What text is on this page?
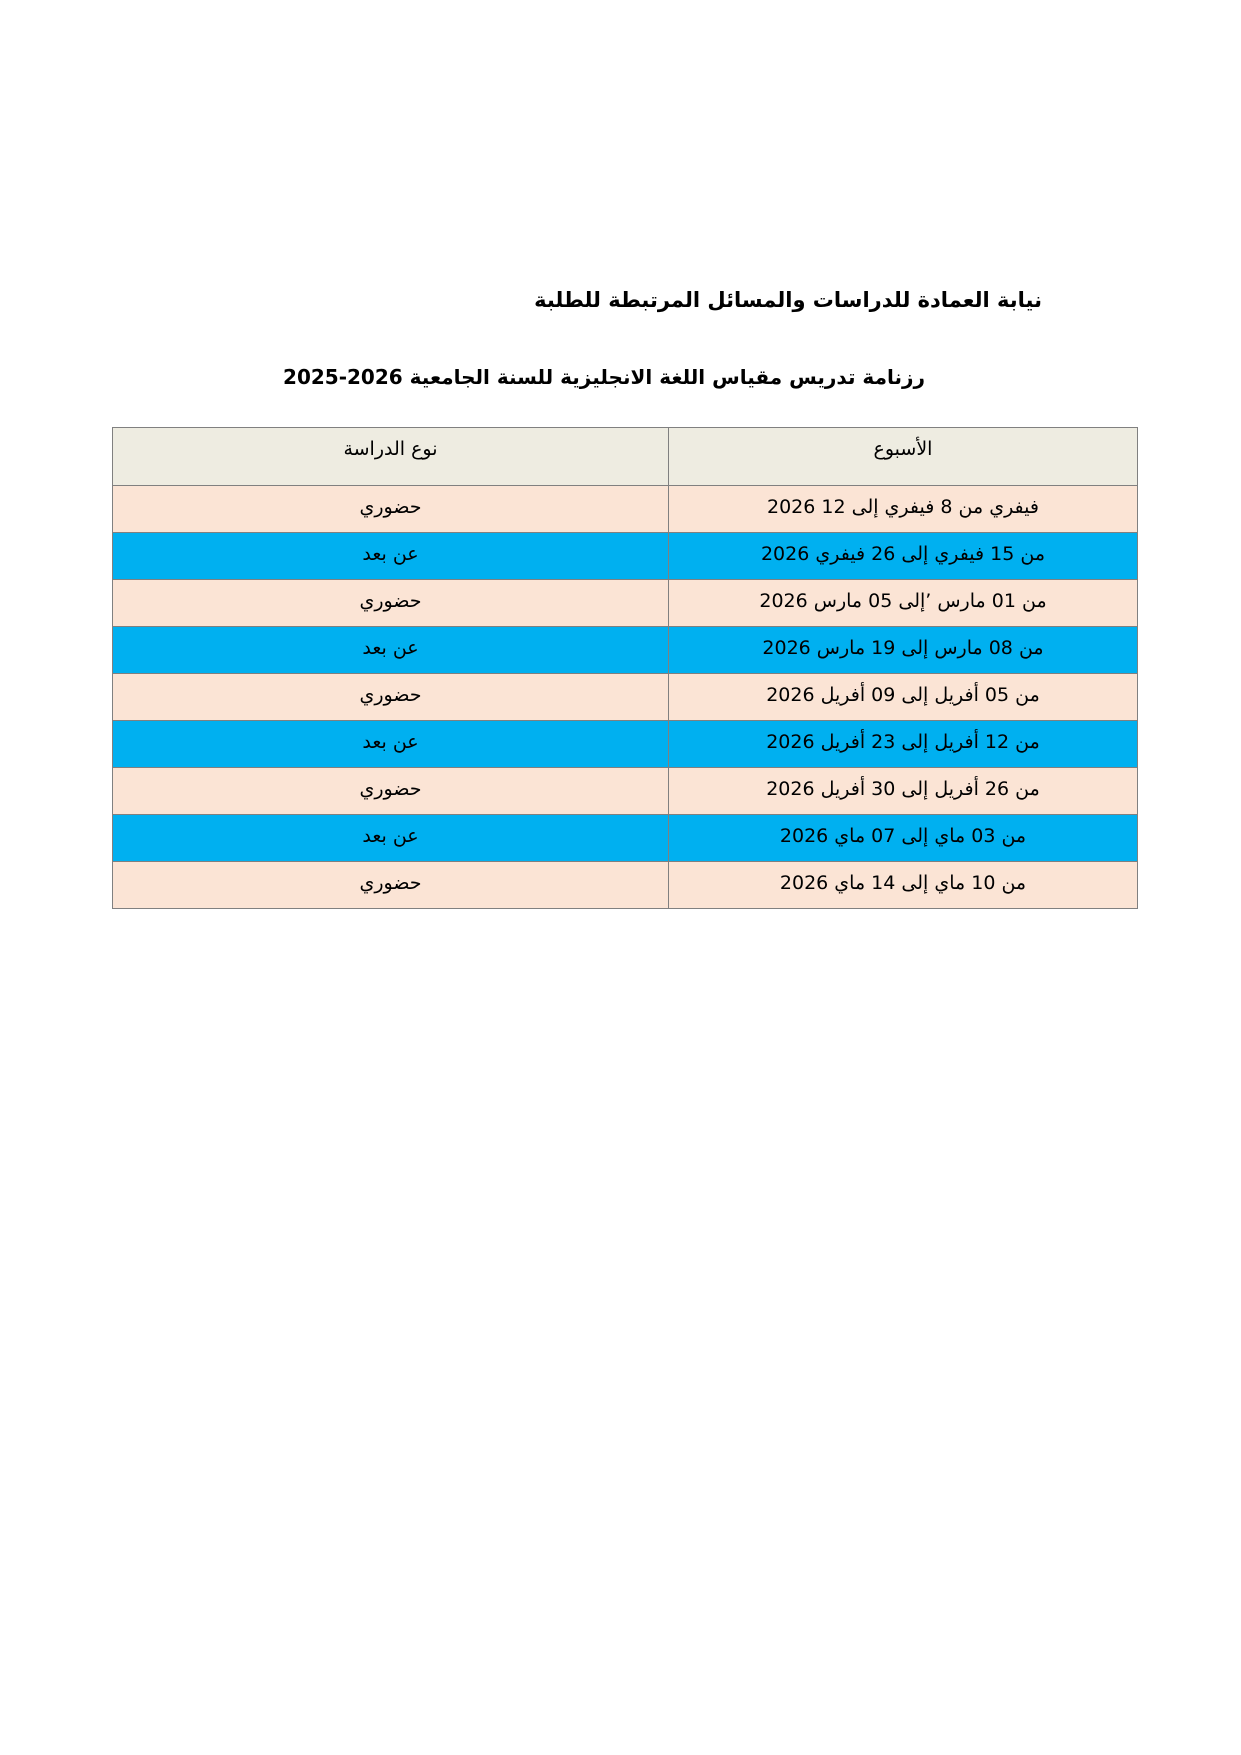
نيابة العمادة للدراسات والمسائل المرتبطة للطلبة
رزنامة تدريس مقياس اللغة الانجليزية للسنة الجامعية 2026-2025
الأسبوع	نوع الدراسة
فيفري من 8 فيفري إلى 12 2026	حضوري
من 15 فيفري إلى 26 فيفري 2026	عن بعد
من 01 مارس ’إلى 05 مارس 2026	حضوري
من 08 مارس إلى 19 مارس 2026	عن بعد
من 05 أفريل إلى 09 أفريل 2026	حضوري
من 12 أفريل إلى 23 أفريل 2026	عن بعد
من 26 أفريل إلى 30 أفريل 2026	حضوري
من 03 ماي إلى 07 ماي 2026	عن بعد
من 10 ماي إلى 14 ماي 2026	حضوري
